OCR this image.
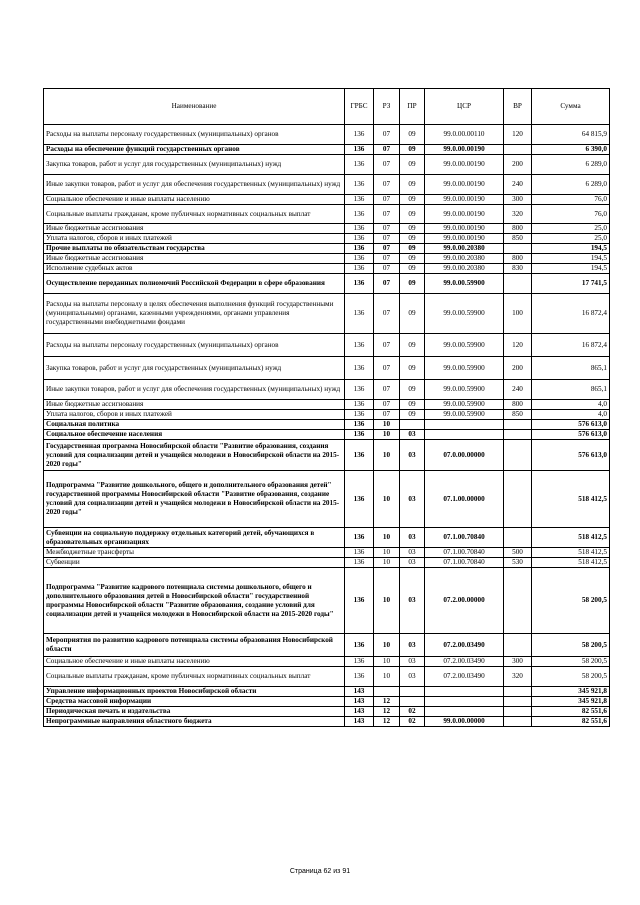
Наименование	ГРБС	РЗ	ПР	ЦСР	ВР	Сумма
Расходы на выплаты персоналу государственных (муниципальных) органов	136	07	09	99.0.00.00110	120	64 815,9
Расходы на обеспечение функций государственных органов	136	07	09	99.0.00.00190		6 390,0
Закупка товаров, работ и услуг для государственных (муниципальных) нужд	136	07	09	99.0.00.00190	200	6 289,0
Иные закупки товаров, работ и услуг для обеспечения государственных (муниципальных) нужд	136	07	09	99.0.00.00190	240	6 289,0
Социальное обеспечение и иные выплаты населению	136	07	09	99.0.00.00190	300	76,0
Социальные выплаты гражданам, кроме публичных нормативных социальных выплат	136	07	09	99.0.00.00190	320	76,0
Иные бюджетные ассигнования	136	07	09	99.0.00.00190	800	25,0
Уплата налогов, сборов и иных платежей	136	07	09	99.0.00.00190	850	25,0
Прочие выплаты по обязательствам государства	136	07	09	99.0.00.20380		194,5
Иные бюджетные ассигнования	136	07	09	99.0.00.20380	800	194,5
Исполнение судебных актов	136	07	09	99.0.00.20380	830	194,5
Осуществление переданных полномочий Российской Федерации в сфере образования	136	07	09	99.0.00.59900		17 741,5
Расходы на выплаты персоналу в целях обеспечения выполнения функций государственными (муниципальными) органами, казенными учреждениями, органами управления государственными внебюджетными фондами	136	07	09	99.0.00.59900	100	16 872,4
Расходы на выплаты персоналу государственных (муниципальных) органов	136	07	09	99.0.00.59900	120	16 872,4
Закупка товаров, работ и услуг для государственных (муниципальных) нужд	136	07	09	99.0.00.59900	200	865,1
Иные закупки товаров, работ и услуг для обеспечения государственных (муниципальных) нужд	136	07	09	99.0.00.59900	240	865,1
Иные бюджетные ассигнования	136	07	09	99.0.00.59900	800	4,0
Уплата налогов, сборов и иных платежей	136	07	09	99.0.00.59900	850	4,0
Социальная политика	136	10				576 613,0
Социальное обеспечение населения	136	10	03			576 613,0
Государственная программа Новосибирской области "Развитие образования, создания условий для социализации детей и учащейся молодежи в Новосибирской области на 2015-2020 годы"	136	10	03	07.0.00.00000		576 613,0
Подпрограмма "Развитие дошкольного, общего и дополнительного образования детей" государственной программы Новосибирской области "Развитие образования, создание условий для социализации детей и учащейся молодежи в Новосибирской области на 2015-2020 годы"	136	10	03	07.1.00.00000		518 412,5
Субвенции на социальную поддержку отдельных категорий детей, обучающихся в образовательных организациях	136	10	03	07.1.00.70840		518 412,5
Межбюджетные трансферты	136	10	03	07.1.00.70840	500	518 412,5
Субвенции	136	10	03	07.1.00.70840	530	518 412,5
Подпрограмма "Развитие кадрового потенциала системы дошкольного, общего и дополнительного образования детей в Новосибирской области" государственной программы Новосибирской области "Развитие образования, создание условий для социализации детей и учащейся молодежи в Новосибирской области на 2015-2020 годы"	136	10	03	07.2.00.00000		58 200,5
Мероприятия по развитию кадрового потенциала системы образования Новосибирской области	136	10	03	07.2.00.03490		58 200,5
Социальное обеспечение и иные выплаты населению	136	10	03	07.2.00.03490	300	58 200,5
Социальные выплаты гражданам, кроме публичных нормативных социальных выплат	136	10	03	07.2.00.03490	320	58 200,5
Управление информационных проектов Новосибирской области	143					345 921,8
Средства массовой информации	143	12				345 921,8
Периодическая печать и издательства	143	12	02			82 551,6
Непрограммные направления областного бюджета	143	12	02	99.0.00.00000		82 551,6
Страница 62 из 91
